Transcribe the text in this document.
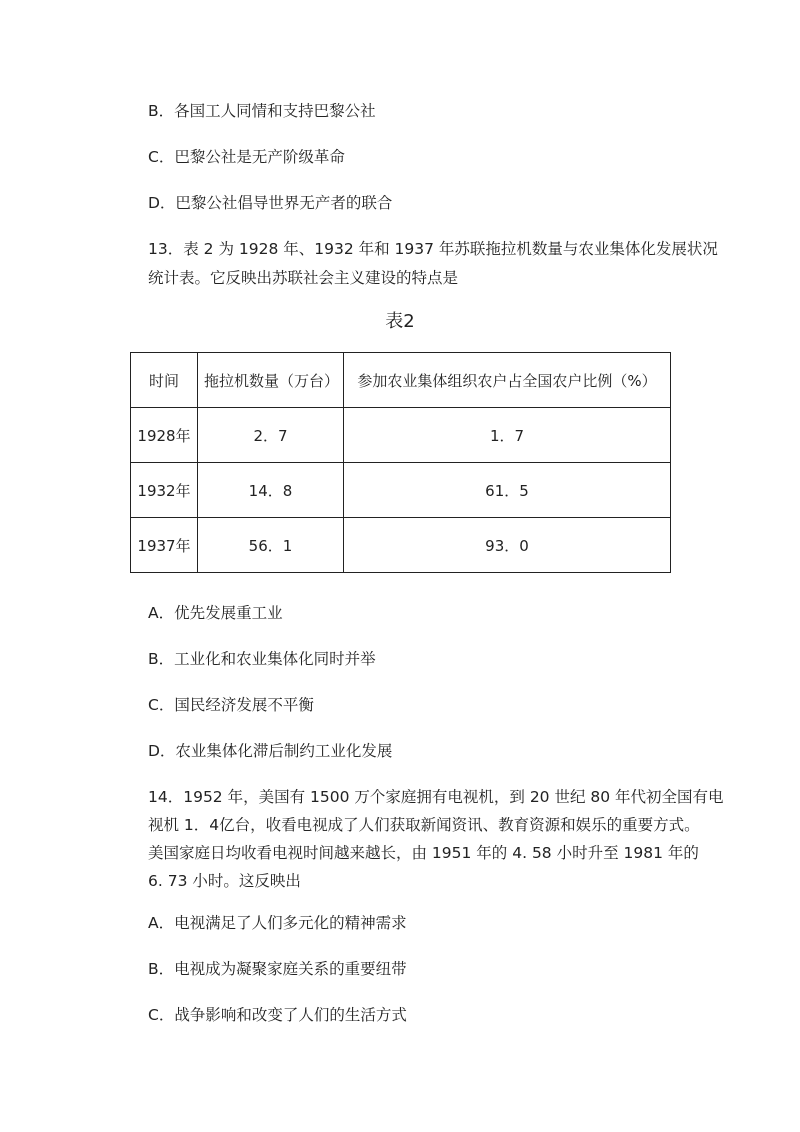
B．各国工人同情和支持巴黎公社
C．巴黎公社是无产阶级革命
D．巴黎公社倡导世界无产者的联合
13．表 2 为 1928 年、1932 年和 1937 年苏联拖拉机数量与农业集体化发展状况
统计表。它反映出苏联社会主义建设的特点是
表2
时间	拖拉机数量（万台）	参加农业集体组织农户占全国农户比例（%）
1928年	2．7	1．7
1932年	14．8	61．5
1937年	56．1	93．0
A．优先发展重工业
B．工业化和农业集体化同时并举
C．国民经济发展不平衡
D．农业集体化滞后制约工业化发展
14．1952 年，美国有 1500 万个家庭拥有电视机，到 20 世纪 80 年代初全国有电
视机 1．4亿台，收看电视成了人们获取新闻资讯、教育资源和娱乐的重要方式。
美国家庭日均收看电视时间越来越长，由 1951 年的 4. 58 小时升至 1981 年的
6. 73 小时。这反映出
A．电视满足了人们多元化的精神需求
B．电视成为凝聚家庭关系的重要纽带
C．战争影响和改变了人们的生活方式
